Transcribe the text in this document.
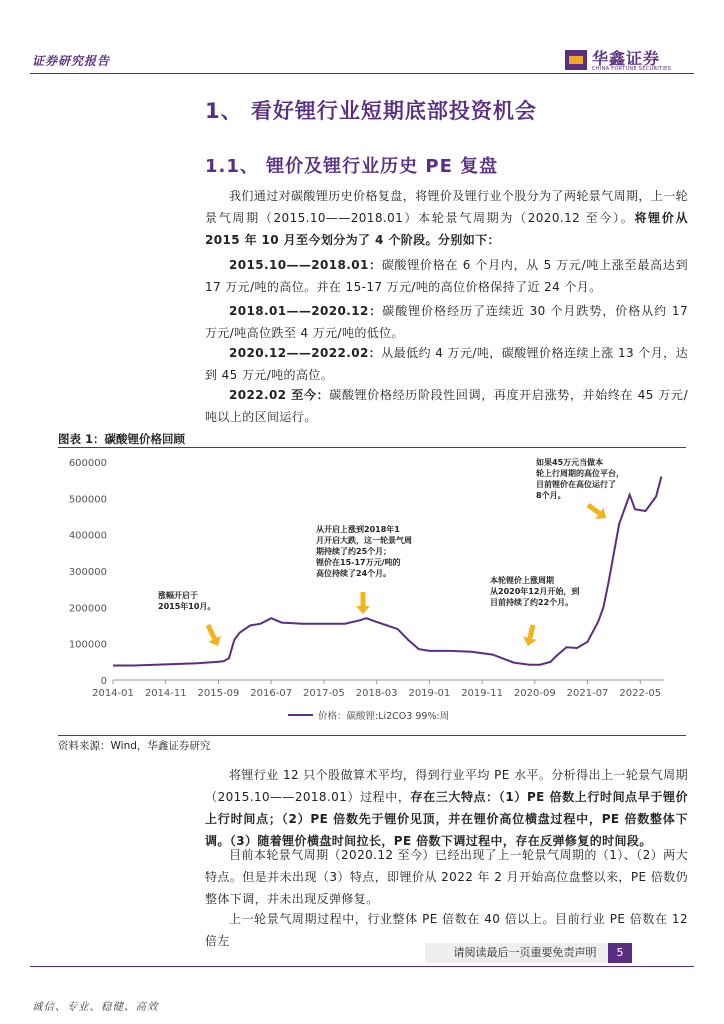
证券研究报告	华鑫证券
CHINA FORTUNE SECURITIES
1、 看好锂行业短期底部投资机会
1.1、 锂价及锂行业历史 PE 复盘
我们通过对碳酸锂历史价格复盘，将锂价及锂行业个股分为了两轮景气周期，上一轮景气周期（2015.10——2018.01）本轮景气周期为（2020.12 至今）。将锂价从 2015 年 10 月至今划分为了 4 个阶段。分别如下：
2015.10——2018.01：碳酸锂价格在 6 个月内，从 5 万元/吨上涨至最高达到 17 万元/吨的高位。并在 15-17 万元/吨的高位价格保持了近 24 个月。
2018.01——2020.12：碳酸锂价格经历了连续近 30 个月跌势，价格从约 17 万元/吨高位跌至 4 万元/吨的低位。
2020.12——2022.02：从最低约 4 万元/吨，碳酸锂价格连续上涨 13 个月，达到 45 万元/吨的高位。
2022.02 至今：碳酸锂价格经历阶段性回调，再度开启涨势，并始终在 45 万元/吨以上的区间运行。
图表 1：碳酸锂价格回顾
0
100000
200000
300000
400000
500000
600000
2014-01 2014-11 2015-09 2016-07 2017-05 2018-03 2019-01 2019-11 2020-09 2021-07 2022-05
涨幅开启于 2015年10月。
从开启上涨到2018年1 月开启大跌，这一轮景气周期持续了约25个月；锂价在15-17万元/吨的高位持续了24个月。
本轮锂价上涨周期从2020年12月开始，到目前持续了约22个月。
如果45万元当做本轮上行周期的高位平台，目前锂价在高位运行了 8个月。
价格：碳酸锂:Li2CO3 99%:周
资料来源：Wind，华鑫证券研究
将锂行业 12 只个股做算术平均，得到行业平均 PE 水平。分析得出上一轮景气周期（2015.10——2018.01）过程中，存在三大特点：（1）PE 倍数上行时间点早于锂价上行时间点；（2）PE 倍数先于锂价见顶，并在锂价高位横盘过程中，PE 倍数整体下调。（3）随着锂价横盘时间拉长，PE 倍数下调过程中，存在反弹修复的时间段。
目前本轮景气周期（2020.12 至今）已经出现了上一轮景气周期的（1）、（2）两大特点。但是并未出现（3）特点，即锂价从 2022 年 2 月开始高位盘整以来，PE 倍数仍整体下调，并未出现反弹修复。
上一轮景气周期过程中，行业整体 PE 倍数在 40 倍以上。目前行业 PE 倍数在 12 倍左
请阅读最后一页重要免责声明	5
诚信、专业、稳健、高效
